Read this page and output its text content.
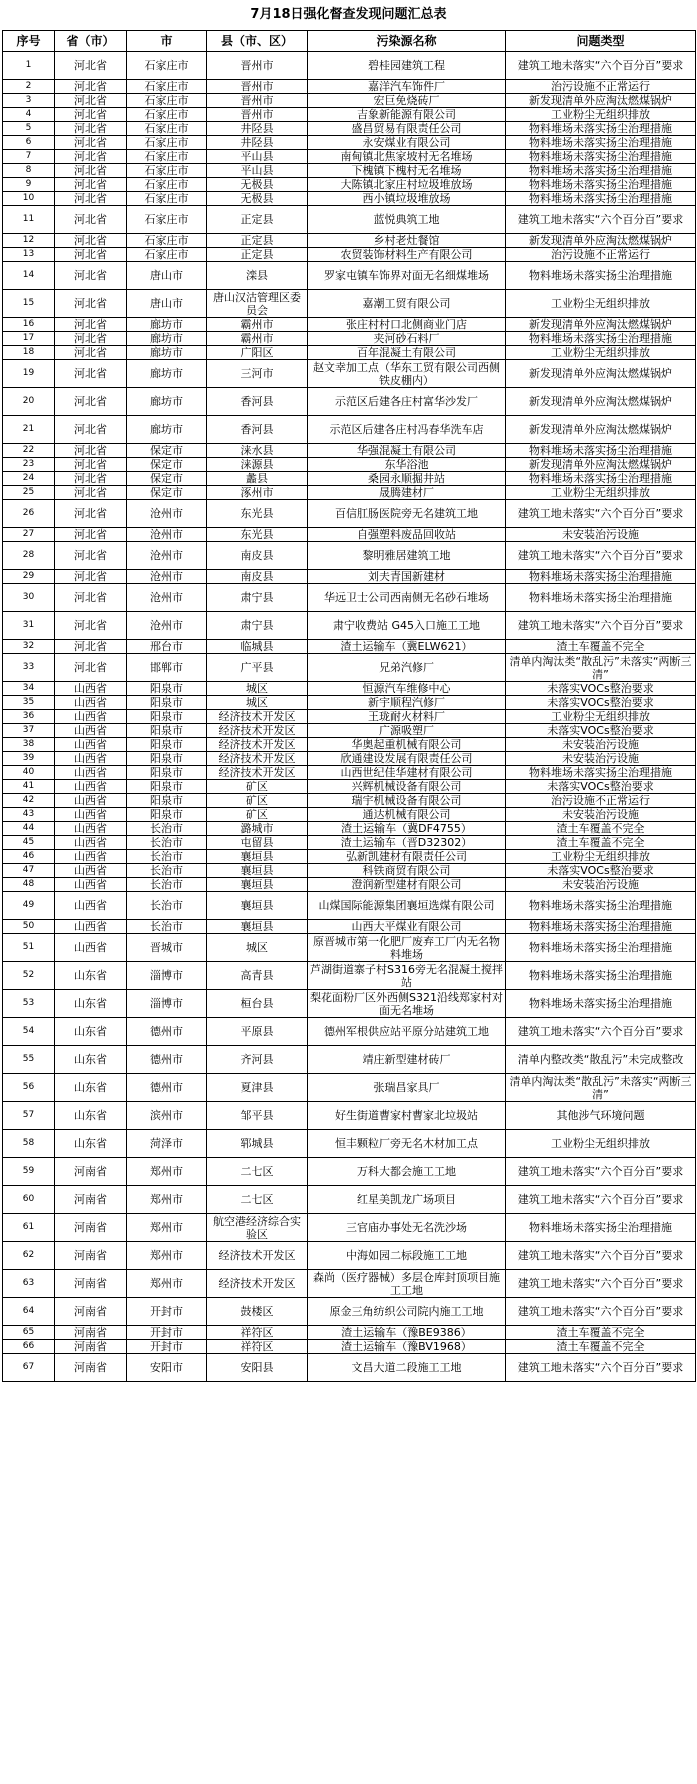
7月18日强化督查发现问题汇总表
序号	省（市）	市	县（市、区）	污染源名称	问题类型
1	河北省	石家庄市	晋州市	碧桂园建筑工程	建筑工地未落实“六个百分百”要求
2	河北省	石家庄市	晋州市	嘉洋汽车饰件厂	治污设施不正常运行
3	河北省	石家庄市	晋州市	宏巨免烧砖厂	新发现清单外应淘汰燃煤锅炉
4	河北省	石家庄市	晋州市	吉象新能源有限公司	工业粉尘无组织排放
5	河北省	石家庄市	井陉县	盛昌贸易有限责任公司	物料堆场未落实扬尘治理措施
6	河北省	石家庄市	井陉县	永安煤业有限公司	物料堆场未落实扬尘治理措施
7	河北省	石家庄市	平山县	南甸镇北焦家坡村无名堆场	物料堆场未落实扬尘治理措施
8	河北省	石家庄市	平山县	下槐镇下槐村无名堆场	物料堆场未落实扬尘治理措施
9	河北省	石家庄市	无极县	大陈镇北家庄村垃圾堆放场	物料堆场未落实扬尘治理措施
10	河北省	石家庄市	无极县	西小镇垃圾堆放场	物料堆场未落实扬尘治理措施
11	河北省	石家庄市	正定县	蓝悦典筑工地	建筑工地未落实“六个百分百”要求
12	河北省	石家庄市	正定县	乡村老灶餐馆	新发现清单外应淘汰燃煤锅炉
13	河北省	石家庄市	正定县	农贸装饰材料生产有限公司	治污设施不正常运行
14	河北省	唐山市	滦县	罗家屯镇车饰界对面无名细煤堆场	物料堆场未落实扬尘治理措施
15	河北省	唐山市	唐山汉沽管理区委员会	嘉潮工贸有限公司	工业粉尘无组织排放
16	河北省	廊坊市	霸州市	张庄村村口北侧商业门店	新发现清单外应淘汰燃煤锅炉
17	河北省	廊坊市	霸州市	夹河砂石料厂	物料堆场未落实扬尘治理措施
18	河北省	廊坊市	广阳区	百年混凝土有限公司	工业粉尘无组织排放
19	河北省	廊坊市	三河市	赵文幸加工点（华东工贸有限公司西侧铁皮棚内）	新发现清单外应淘汰燃煤锅炉
20	河北省	廊坊市	香河县	示范区后建各庄村富华沙发厂	新发现清单外应淘汰燃煤锅炉
21	河北省	廊坊市	香河县	示范区后建各庄村冯春华洗车店	新发现清单外应淘汰燃煤锅炉
22	河北省	保定市	涞水县	华强混凝土有限公司	物料堆场未落实扬尘治理措施
23	河北省	保定市	涞源县	东华浴池	新发现清单外应淘汰燃煤锅炉
24	河北省	保定市	蠡县	桑园永顺掘井站	物料堆场未落实扬尘治理措施
25	河北省	保定市	涿州市	晟腾建材厂	工业粉尘无组织排放
26	河北省	沧州市	东光县	百信肛肠医院旁无名建筑工地	建筑工地未落实“六个百分百”要求
27	河北省	沧州市	东光县	自强塑料废品回收站	未安装治污设施
28	河北省	沧州市	南皮县	黎明雅居建筑工地	建筑工地未落实“六个百分百”要求
29	河北省	沧州市	南皮县	刘夫青国新建材	物料堆场未落实扬尘治理措施
30	河北省	沧州市	肃宁县	华远卫士公司西南侧无名砂石堆场	物料堆场未落实扬尘治理措施
31	河北省	沧州市	肃宁县	肃宁收费站 G45入口施工工地	建筑工地未落实“六个百分百”要求
32	河北省	邢台市	临城县	渣土运输车（冀ELW621）	渣土车覆盖不完全
33	河北省	邯郸市	广平县	兄弟汽修厂	清单内淘汰类“散乱污”未落实“两断三清”
34	山西省	阳泉市	城区	恒源汽车维修中心	未落实VOCs整治要求
35	山西省	阳泉市	城区	新宇顺程汽修厂	未落实VOCs整治要求
36	山西省	阳泉市	经济技术开发区	王珑耐火材料厂	工业粉尘无组织排放
37	山西省	阳泉市	经济技术开发区	广源吸塑厂	未落实VOCs整治要求
38	山西省	阳泉市	经济技术开发区	华奥起重机械有限公司	未安装治污设施
39	山西省	阳泉市	经济技术开发区	欣通建设发展有限责任公司	未安装治污设施
40	山西省	阳泉市	经济技术开发区	山西世纪佳华建材有限公司	物料堆场未落实扬尘治理措施
41	山西省	阳泉市	矿区	兴辉机械设备有限公司	未落实VOCs整治要求
42	山西省	阳泉市	矿区	瑞宇机械设备有限公司	治污设施不正常运行
43	山西省	阳泉市	矿区	通达机械有限公司	未安装治污设施
44	山西省	长治市	潞城市	渣土运输车（冀DF4755）	渣土车覆盖不完全
45	山西省	长治市	屯留县	渣土运输车（晋D32302）	渣土车覆盖不完全
46	山西省	长治市	襄垣县	弘新凯建材有限责任公司	工业粉尘无组织排放
47	山西省	长治市	襄垣县	科铁商贸有限公司	未落实VOCs整治要求
48	山西省	长治市	襄垣县	澄润新型建材有限公司	未安装治污设施
49	山西省	长治市	襄垣县	山煤国际能源集团襄垣选煤有限公司	物料堆场未落实扬尘治理措施
50	山西省	长治市	襄垣县	山西大平煤业有限公司	物料堆场未落实扬尘治理措施
51	山西省	晋城市	城区	原晋城市第一化肥厂废弃工厂内无名物料堆场	物料堆场未落实扬尘治理措施
52	山东省	淄博市	高青县	芦湖街道寨子村S316旁无名混凝土搅拌站	物料堆场未落实扬尘治理措施
53	山东省	淄博市	桓台县	梨花面粉厂区外西侧S321沿线郑家村对面无名堆场	物料堆场未落实扬尘治理措施
54	山东省	德州市	平原县	德州军根供应站平原分站建筑工地	建筑工地未落实“六个百分百”要求
55	山东省	德州市	齐河县	靖庄新型建材砖厂	清单内整改类“散乱污”未完成整改
56	山东省	德州市	夏津县	张瑞昌家具厂	清单内淘汰类“散乱污”未落实“两断三清”
57	山东省	滨州市	邹平县	好生街道曹家村曹家北垃圾站	其他涉气环境问题
58	山东省	菏泽市	郓城县	恒丰颗粒厂旁无名木材加工点	工业粉尘无组织排放
59	河南省	郑州市	二七区	万科大都会施工工地	建筑工地未落实“六个百分百”要求
60	河南省	郑州市	二七区	红星美凯龙广场项目	建筑工地未落实“六个百分百”要求
61	河南省	郑州市	航空港经济综合实验区	三官庙办事处无名洗沙场	物料堆场未落实扬尘治理措施
62	河南省	郑州市	经济技术开发区	中海如园二标段施工工地	建筑工地未落实“六个百分百”要求
63	河南省	郑州市	经济技术开发区	森尚（医疗器械）多层仓库封顶项目施工工地	建筑工地未落实“六个百分百”要求
64	河南省	开封市	鼓楼区	原金三角纺织公司院内施工工地	建筑工地未落实“六个百分百”要求
65	河南省	开封市	祥符区	渣土运输车（豫BE9386）	渣土车覆盖不完全
66	河南省	开封市	祥符区	渣土运输车（豫BV1968）	渣土车覆盖不完全
67	河南省	安阳市	安阳县	文昌大道二段施工工地	建筑工地未落实“六个百分百”要求
